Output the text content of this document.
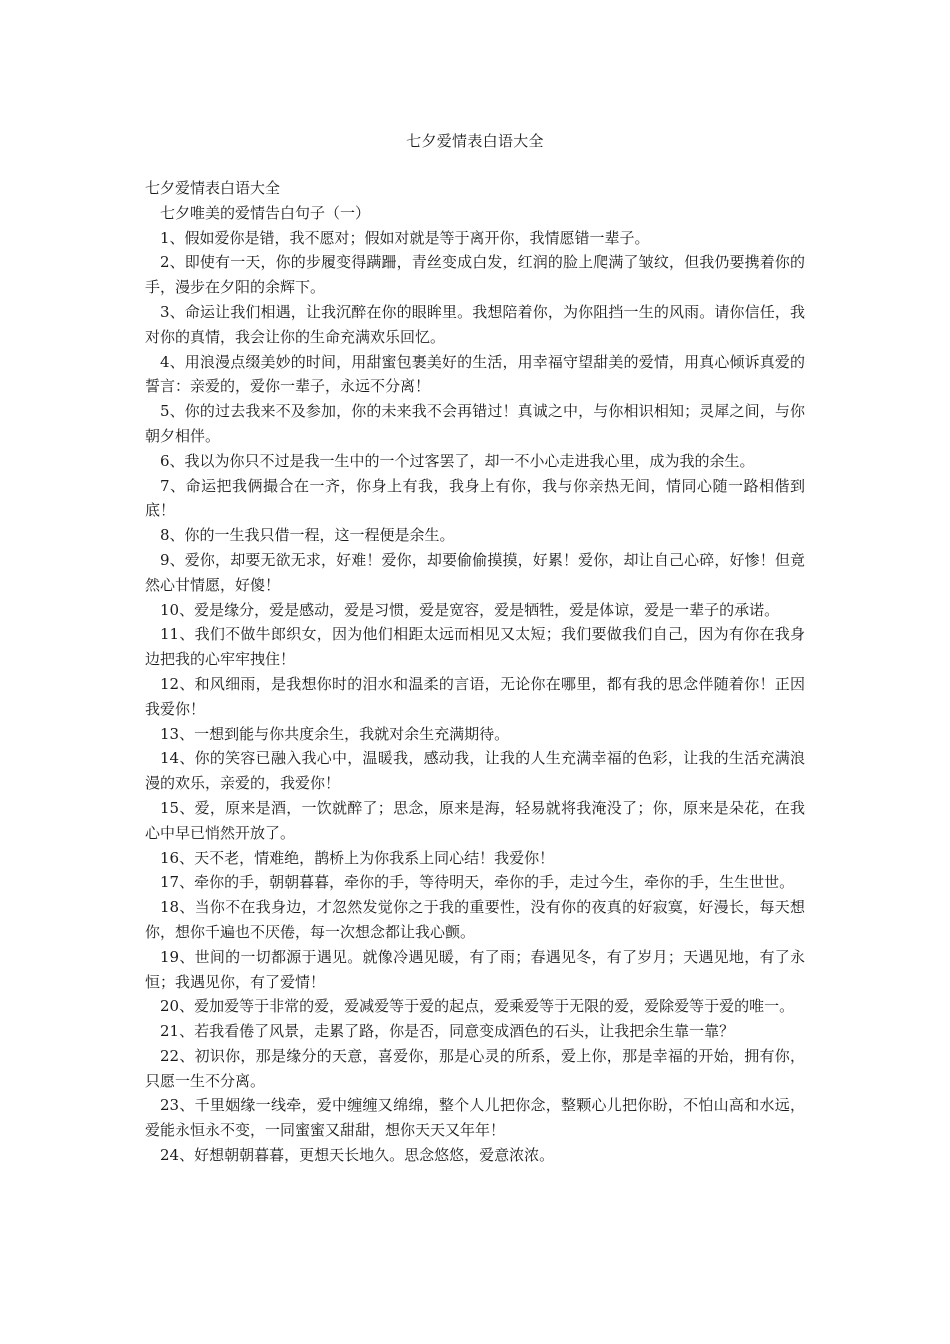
七夕爱情表白语大全

七夕爱情表白语大全

七夕唯美的爱情告白句子（一）

1、假如爱你是错，我不愿对；假如对就是等于离开你，我情愿错一辈子。
2、即使有一天，你的步履变得蹒跚，青丝变成白发，红润的脸上爬满了皱纹，但我仍要携着你的手，漫步在夕阳的余辉下。
3、命运让我们相遇，让我沉醉在你的眼眸里。我想陪着你，为你阻挡一生的风雨。请你信任，我对你的真情，我会让你的生命充满欢乐回忆。
4、用浪漫点缀美妙的时间，用甜蜜包裹美好的生活，用幸福守望甜美的爱情，用真心倾诉真爱的誓言：亲爱的，爱你一辈子，永远不分离！
5、你的过去我来不及参加，你的未来我不会再错过！真诚之中，与你相识相知；灵犀之间，与你朝夕相伴。
6、我以为你只不过是我一生中的一个过客罢了，却一不小心走进我心里，成为我的余生。
7、命运把我俩撮合在一齐，你身上有我，我身上有你，我与你亲热无间，情同心随一路相偕到底！
8、你的一生我只借一程，这一程便是余生。
9、爱你，却要无欲无求，好难！爱你，却要偷偷摸摸，好累！爱你，却让自己心碎，好惨！但竟然心甘情愿，好傻！
10、爱是缘分，爱是感动，爱是习惯，爱是宽容，爱是牺牲，爱是体谅，爱是一辈子的承诺。
11、我们不做牛郎织女，因为他们相距太远而相见又太短；我们要做我们自己，因为有你在我身边把我的心牢牢拽住！
12、和风细雨，是我想你时的泪水和温柔的言语，无论你在哪里，都有我的思念伴随着你！正因我爱你！
13、一想到能与你共度余生，我就对余生充满期待。
14、你的笑容已融入我心中，温暖我，感动我，让我的人生充满幸福的色彩，让我的生活充满浪漫的欢乐，亲爱的，我爱你！
15、爱，原来是酒，一饮就醉了；思念，原来是海，轻易就将我淹没了；你，原来是朵花，在我心中早已悄然开放了。
16、天不老，情难绝，鹊桥上为你我系上同心结！我爱你！
17、牵你的手，朝朝暮暮，牵你的手，等待明天，牵你的手，走过今生，牵你的手，生生世世。
18、当你不在我身边，才忽然发觉你之于我的重要性，没有你的夜真的好寂寞，好漫长，每天想你，想你千遍也不厌倦，每一次想念都让我心颤。
19、世间的一切都源于遇见。就像冷遇见暖，有了雨；春遇见冬，有了岁月；天遇见地，有了永恒；我遇见你，有了爱情！
20、爱加爱等于非常的爱，爱减爱等于爱的起点，爱乘爱等于无限的爱，爱除爱等于爱的唯一。
21、若我看倦了风景，走累了路，你是否，同意变成酒色的石头，让我把余生靠一靠？
22、初识你，那是缘分的天意，喜爱你，那是心灵的所系，爱上你，那是幸福的开始，拥有你，只愿一生不分离。
23、千里姻缘一线牵，爱中缠缠又绵绵，整个人儿把你念，整颗心儿把你盼，不怕山高和水远，爱能永恒永不变，一同蜜蜜又甜甜，想你天天又年年！
24、好想朝朝暮暮，更想天长地久。思念悠悠，爱意浓浓。
